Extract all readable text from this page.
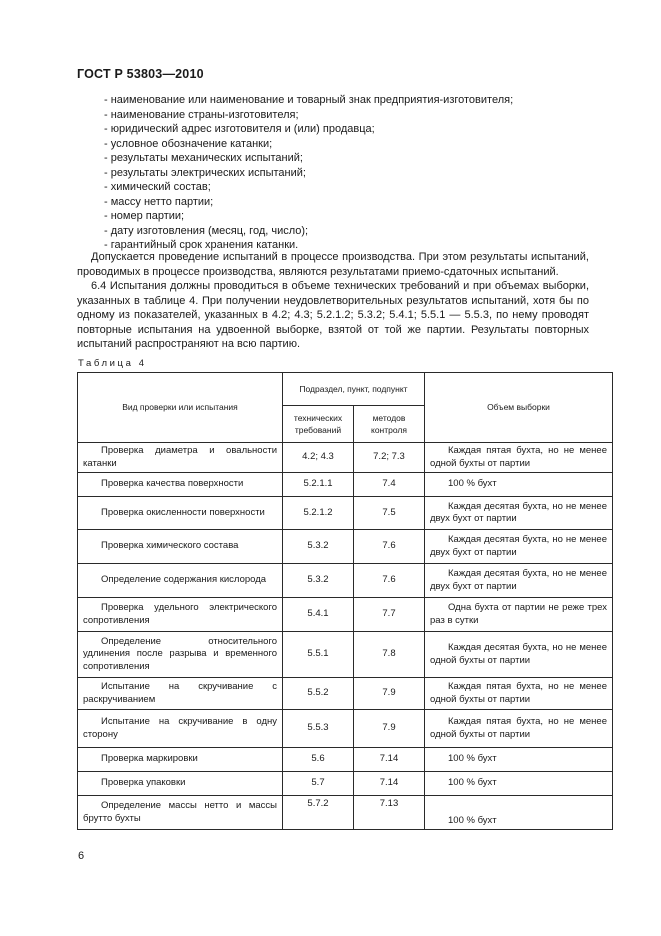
ГОСТ Р 53803—2010
- наименование или наименование и товарный знак предприятия-изготовителя;
- наименование страны-изготовителя;
- юридический адрес изготовителя и (или) продавца;
- условное обозначение катанки;
- результаты механических испытаний;
- результаты электрических испытаний;
- химический состав;
- массу нетто партии;
- номер партии;
- дату изготовления (месяц, год, число);
- гарантийный срок хранения катанки.
Допускается проведение испытаний в процессе производства. При этом результаты испытаний, проводимых в процессе производства, являются результатами приемо-сдаточных испытаний.
6.4 Испытания должны проводиться в объеме технических требований и при объемах выборки, указанных в таблице 4. При получении неудовлетворительных результатов испытаний, хотя бы по одному из показателей, указанных в 4.2; 4.3; 5.2.1.2; 5.3.2; 5.4.1; 5.5.1 — 5.5.3, по нему проводят повторные испытания на удвоенной выборке, взятой от той же партии. Результаты повторных испытаний распространяют на всю партию.
Таблица 4
Вид проверки или испытания	Подраздел, пункт, подпункт		Объем выборки
	технических требований	методов контроля	
Проверка диаметра и овальности катанки	4.2; 4.3	7.2; 7.3	Каждая пятая бухта, но не менее одной бухты от партии
Проверка качества поверхности	5.2.1.1	7.4	100 % бухт
Проверка окисленности поверхности	5.2.1.2	7.5	Каждая десятая бухта, но не менее двух бухт от партии
Проверка химического состава	5.3.2	7.6	Каждая десятая бухта, но не менее двух бухт от партии
Определение содержания кислорода	5.3.2	7.6	Каждая десятая бухта, но не менее двух бухт от партии
Проверка удельного электрического сопротивления	5.4.1	7.7	Одна бухта от партии не реже трех раз в сутки
Определение относительного удлинения после разрыва и временного сопротивления	5.5.1	7.8	Каждая десятая бухта, но не менее одной бухты от партии
Испытание на скручивание с раскручиванием	5.5.2	7.9	Каждая пятая бухта, но не менее одной бухты от партии
Испытание на скручивание в одну сторону	5.5.3	7.9	Каждая пятая бухта, но не менее одной бухты от партии
Проверка маркировки	5.6	7.14	100 % бухт
Проверка упаковки	5.7	7.14	100 % бухт
Определение массы нетто и массы брутто бухты	5.7.2	7.13	100 % бухт
6
